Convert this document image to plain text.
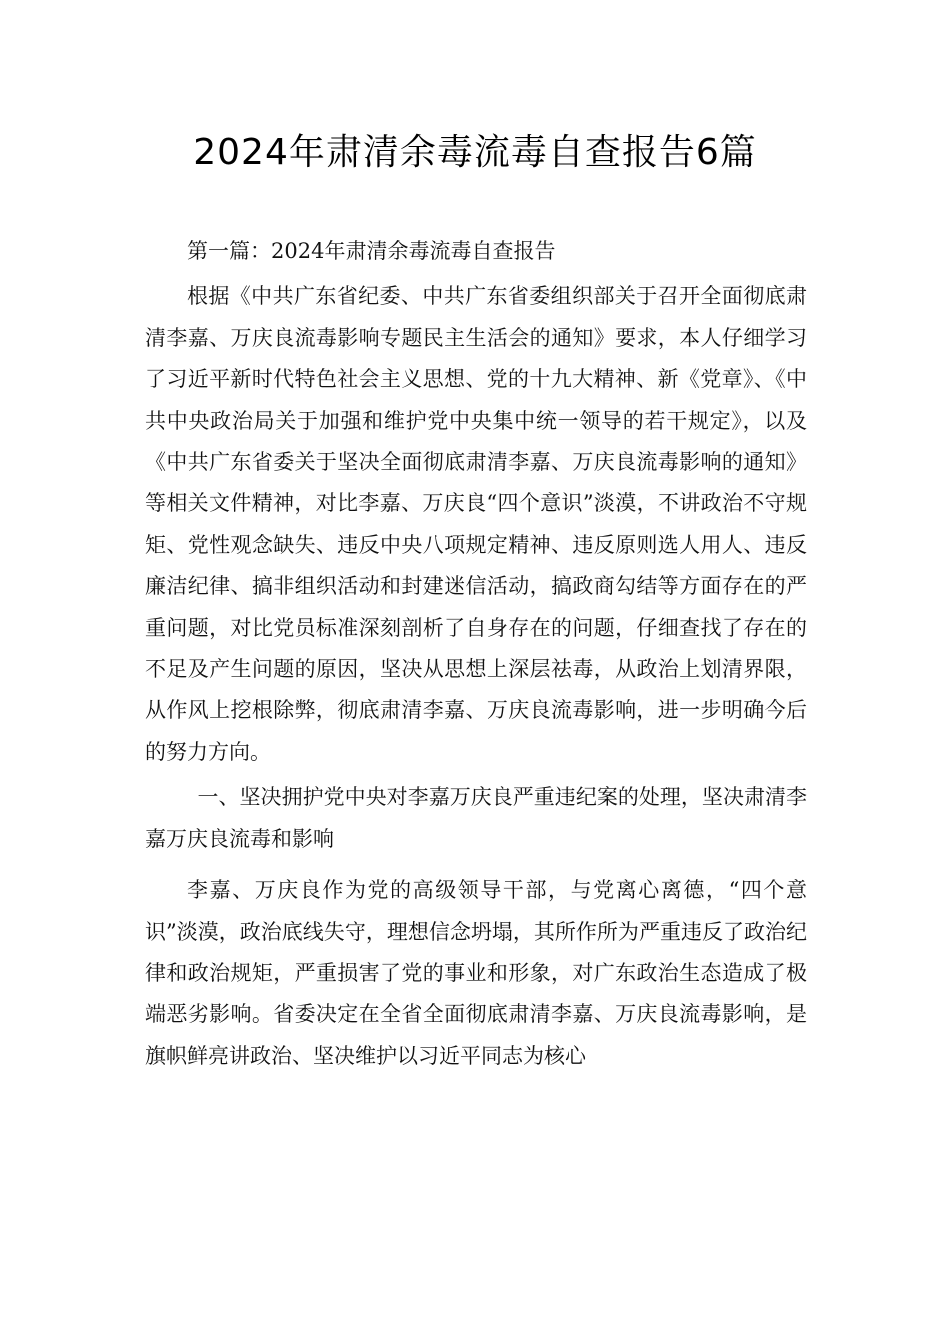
2024年肃清余毒流毒自查报告6篇

第一篇：2024年肃清余毒流毒自查报告

根据《中共广东省纪委、中共广东省委组织部关于召开全面彻底肃清李嘉、万庆良流毒影响专题民主生活会的通知》要求，本人仔细学习了习近平新时代特色社会主义思想、党的十九大精神、新《党章》、《中共中央政治局关于加强和维护党中央集中统一领导的若干规定》，以及《中共广东省委关于坚决全面彻底肃清李嘉、万庆良流毒影响的通知》等相关文件精神，对比李嘉、万庆良“四个意识”淡漠，不讲政治不守规矩、党性观念缺失、违反中央八项规定精神、违反原则选人用人、违反廉洁纪律、搞非组织活动和封建迷信活动，搞政商勾结等方面存在的严重问题，对比党员标准深刻剖析了自身存在的问题，仔细查找了存在的不足及产生问题的原因，坚决从思想上深层祛毒，从政治上划清界限，从作风上挖根除弊，彻底肃清李嘉、万庆良流毒影响，进一步明确今后的努力方向。

一、坚决拥护党中央对李嘉万庆良严重违纪案的处理，坚决肃清李嘉万庆良流毒和影响

李嘉、万庆良作为党的高级领导干部，与党离心离德，“四个意识”淡漠，政治底线失守，理想信念坍塌，其所作所为严重违反了政治纪律和政治规矩，严重损害了党的事业和形象，对广东政治生态造成了极端恶劣影响。省委决定在全省全面彻底肃清李嘉、万庆良流毒影响，是旗帜鲜亮讲政治、坚决维护以习近平同志为核心
